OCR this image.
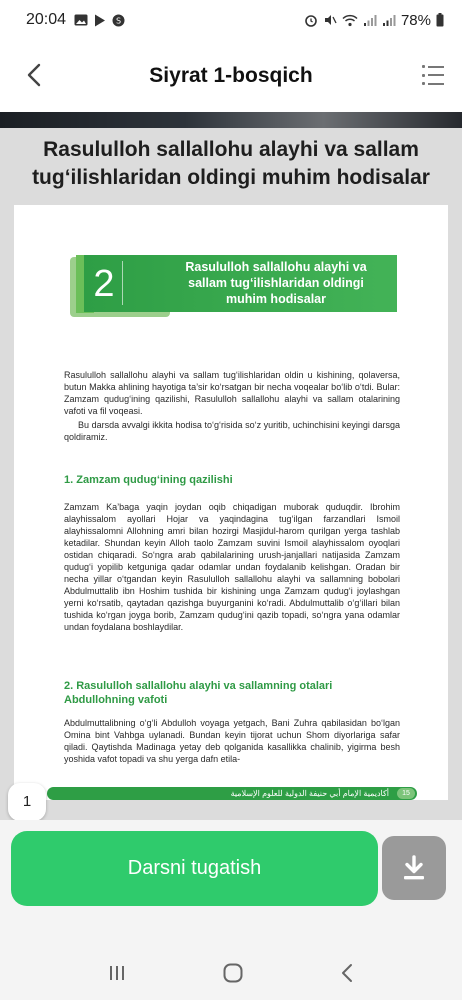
20:04	S	78%
Siyrat 1-bosqich
Rasululloh sallallohu alayhi va sallam tug‘ilishlaridan oldingi muhim hodisalar
2	Rasululloh sallallohu alayhi va sallam tug‘ilishlaridan oldingi muhim hodisalar
Rasululloh sallallohu alayhi va sallam tug‘ilishlaridan oldin u kishining, qolaversa, butun Makka ahlining hayotiga ta’sir ko‘rsatgan bir necha voqealar bo‘lib o‘tdi. Bular: Zamzam qudug‘ining qazilishi, Rasululloh sallallohu alayhi va sallam otalarining vafoti va fil voqeasi.
Bu darsda avvalgi ikkita hodisa to‘g‘risida so‘z yuritib, uchinchisini keyingi darsga qoldiramiz.
1. Zamzam qudug‘ining qazilishi
Zamzam Ka’baga yaqin joydan oqib chiqadigan muborak quduqdir. Ibrohim alayhissalom ayollari Hojar va yaqindagina tug‘ilgan farzandlari Ismoil alayhissalomni Allohning amri bilan hozirgi Masjidul-harom qurilgan yerga tashlab ketadilar. Shundan keyin Alloh taolo Zamzam suvini Ismoil alayhissalom oyoqlari ostidan chiqaradi. So‘ngra arab qabilalarining urush-janjallari natijasida Zamzam qudug‘i yopilib ketguniga qadar odamlar undan foydalanib kelishgan. Oradan bir necha yillar o‘tgandan keyin Rasululloh sallallohu alayhi va sallamning bobolari Abdulmuttalib ibn Hoshim tushida bir kishining unga Zamzam qudug‘i joylashgan yerni ko‘rsatib, qaytadan qazishga buyurganini ko‘radi. Abdulmuttalib o‘g‘illari bilan tushida ko‘rgan joyga borib, Zamzam qudug‘ini qazib topadi, so‘ngra yana odamlar undan foydalana boshlaydilar.
2. Rasululloh sallallohu alayhi va sallamning otalari Abdullohning vafoti
Abdulmuttalibning o‘g‘li Abdulloh voyaga yetgach, Bani Zuhra qabilasidan bo‘lgan Omina bint Vahbga uylanadi. Bundan keyin tijorat uchun Shom diyorlariga safar qiladi. Qaytishda Madinaga yetay deb qolganida kasallikka chalinib, yigirma besh yoshida vafot topadi va shu yerga dafn etila-
أكاديمية الإمام أبي حنيفة الدولية للعلوم الإسلامية	15
1
Darsni tugatish
